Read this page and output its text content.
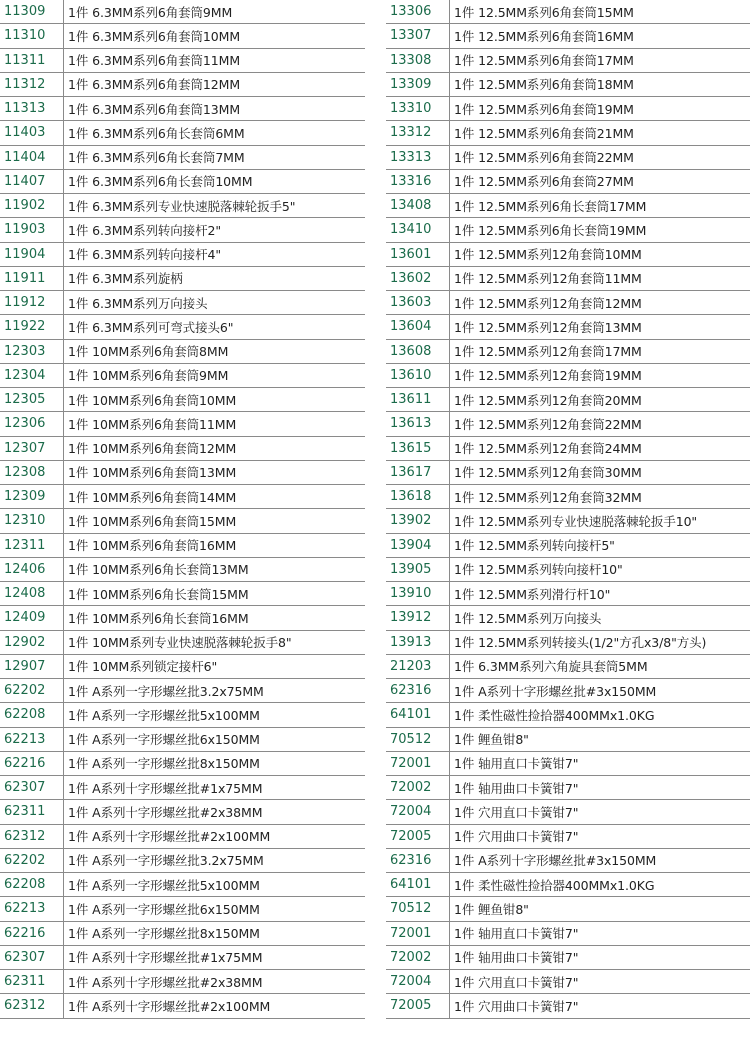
11309	1件 6.3MM系列6角套筒9MM
11310	1件 6.3MM系列6角套筒10MM
11311	1件 6.3MM系列6角套筒11MM
11312	1件 6.3MM系列6角套筒12MM
11313	1件 6.3MM系列6角套筒13MM
11403	1件 6.3MM系列6角长套筒6MM
11404	1件 6.3MM系列6角长套筒7MM
11407	1件 6.3MM系列6角长套筒10MM
11902	1件 6.3MM系列专业快速脱落棘轮扳手5"
11903	1件 6.3MM系列转向接杆2"
11904	1件 6.3MM系列转向接杆4"
11911	1件 6.3MM系列旋柄
11912	1件 6.3MM系列万向接头
11922	1件 6.3MM系列可弯式接头6"
12303	1件 10MM系列6角套筒8MM
12304	1件 10MM系列6角套筒9MM
12305	1件 10MM系列6角套筒10MM
12306	1件 10MM系列6角套筒11MM
12307	1件 10MM系列6角套筒12MM
12308	1件 10MM系列6角套筒13MM
12309	1件 10MM系列6角套筒14MM
12310	1件 10MM系列6角套筒15MM
12311	1件 10MM系列6角套筒16MM
12406	1件 10MM系列6角长套筒13MM
12408	1件 10MM系列6角长套筒15MM
12409	1件 10MM系列6角长套筒16MM
12902	1件 10MM系列专业快速脱落棘轮扳手8"
12907	1件 10MM系列锁定接杆6"
62202	1件 A系列一字形螺丝批3.2x75MM
62208	1件 A系列一字形螺丝批5x100MM
62213	1件 A系列一字形螺丝批6x150MM
62216	1件 A系列一字形螺丝批8x150MM
62307	1件 A系列十字形螺丝批#1x75MM
62311	1件 A系列十字形螺丝批#2x38MM
62312	1件 A系列十字形螺丝批#2x100MM
62202	1件 A系列一字形螺丝批3.2x75MM
62208	1件 A系列一字形螺丝批5x100MM
62213	1件 A系列一字形螺丝批6x150MM
62216	1件 A系列一字形螺丝批8x150MM
62307	1件 A系列十字形螺丝批#1x75MM
62311	1件 A系列十字形螺丝批#2x38MM
62312	1件 A系列十字形螺丝批#2x100MM
13306	1件 12.5MM系列6角套筒15MM
13307	1件 12.5MM系列6角套筒16MM
13308	1件 12.5MM系列6角套筒17MM
13309	1件 12.5MM系列6角套筒18MM
13310	1件 12.5MM系列6角套筒19MM
13312	1件 12.5MM系列6角套筒21MM
13313	1件 12.5MM系列6角套筒22MM
13316	1件 12.5MM系列6角套筒27MM
13408	1件 12.5MM系列6角长套筒17MM
13410	1件 12.5MM系列6角长套筒19MM
13601	1件 12.5MM系列12角套筒10MM
13602	1件 12.5MM系列12角套筒11MM
13603	1件 12.5MM系列12角套筒12MM
13604	1件 12.5MM系列12角套筒13MM
13608	1件 12.5MM系列12角套筒17MM
13610	1件 12.5MM系列12角套筒19MM
13611	1件 12.5MM系列12角套筒20MM
13613	1件 12.5MM系列12角套筒22MM
13615	1件 12.5MM系列12角套筒24MM
13617	1件 12.5MM系列12角套筒30MM
13618	1件 12.5MM系列12角套筒32MM
13902	1件 12.5MM系列专业快速脱落棘轮扳手10"
13904	1件 12.5MM系列转向接杆5"
13905	1件 12.5MM系列转向接杆10"
13910	1件 12.5MM系列滑行杆10"
13912	1件 12.5MM系列万向接头
13913	1件 12.5MM系列转接头(1/2"方孔x3/8"方头)
21203	1件 6.3MM系列六角旋具套筒5MM
62316	1件 A系列十字形螺丝批#3x150MM
64101	1件 柔性磁性捡拾器400MMx1.0KG
70512	1件 鲤鱼钳8"
72001	1件 轴用直口卡簧钳7"
72002	1件 轴用曲口卡簧钳7"
72004	1件 穴用直口卡簧钳7"
72005	1件 穴用曲口卡簧钳7"
62316	1件 A系列十字形螺丝批#3x150MM
64101	1件 柔性磁性捡拾器400MMx1.0KG
70512	1件 鲤鱼钳8"
72001	1件 轴用直口卡簧钳7"
72002	1件 轴用曲口卡簧钳7"
72004	1件 穴用直口卡簧钳7"
72005	1件 穴用曲口卡簧钳7"
